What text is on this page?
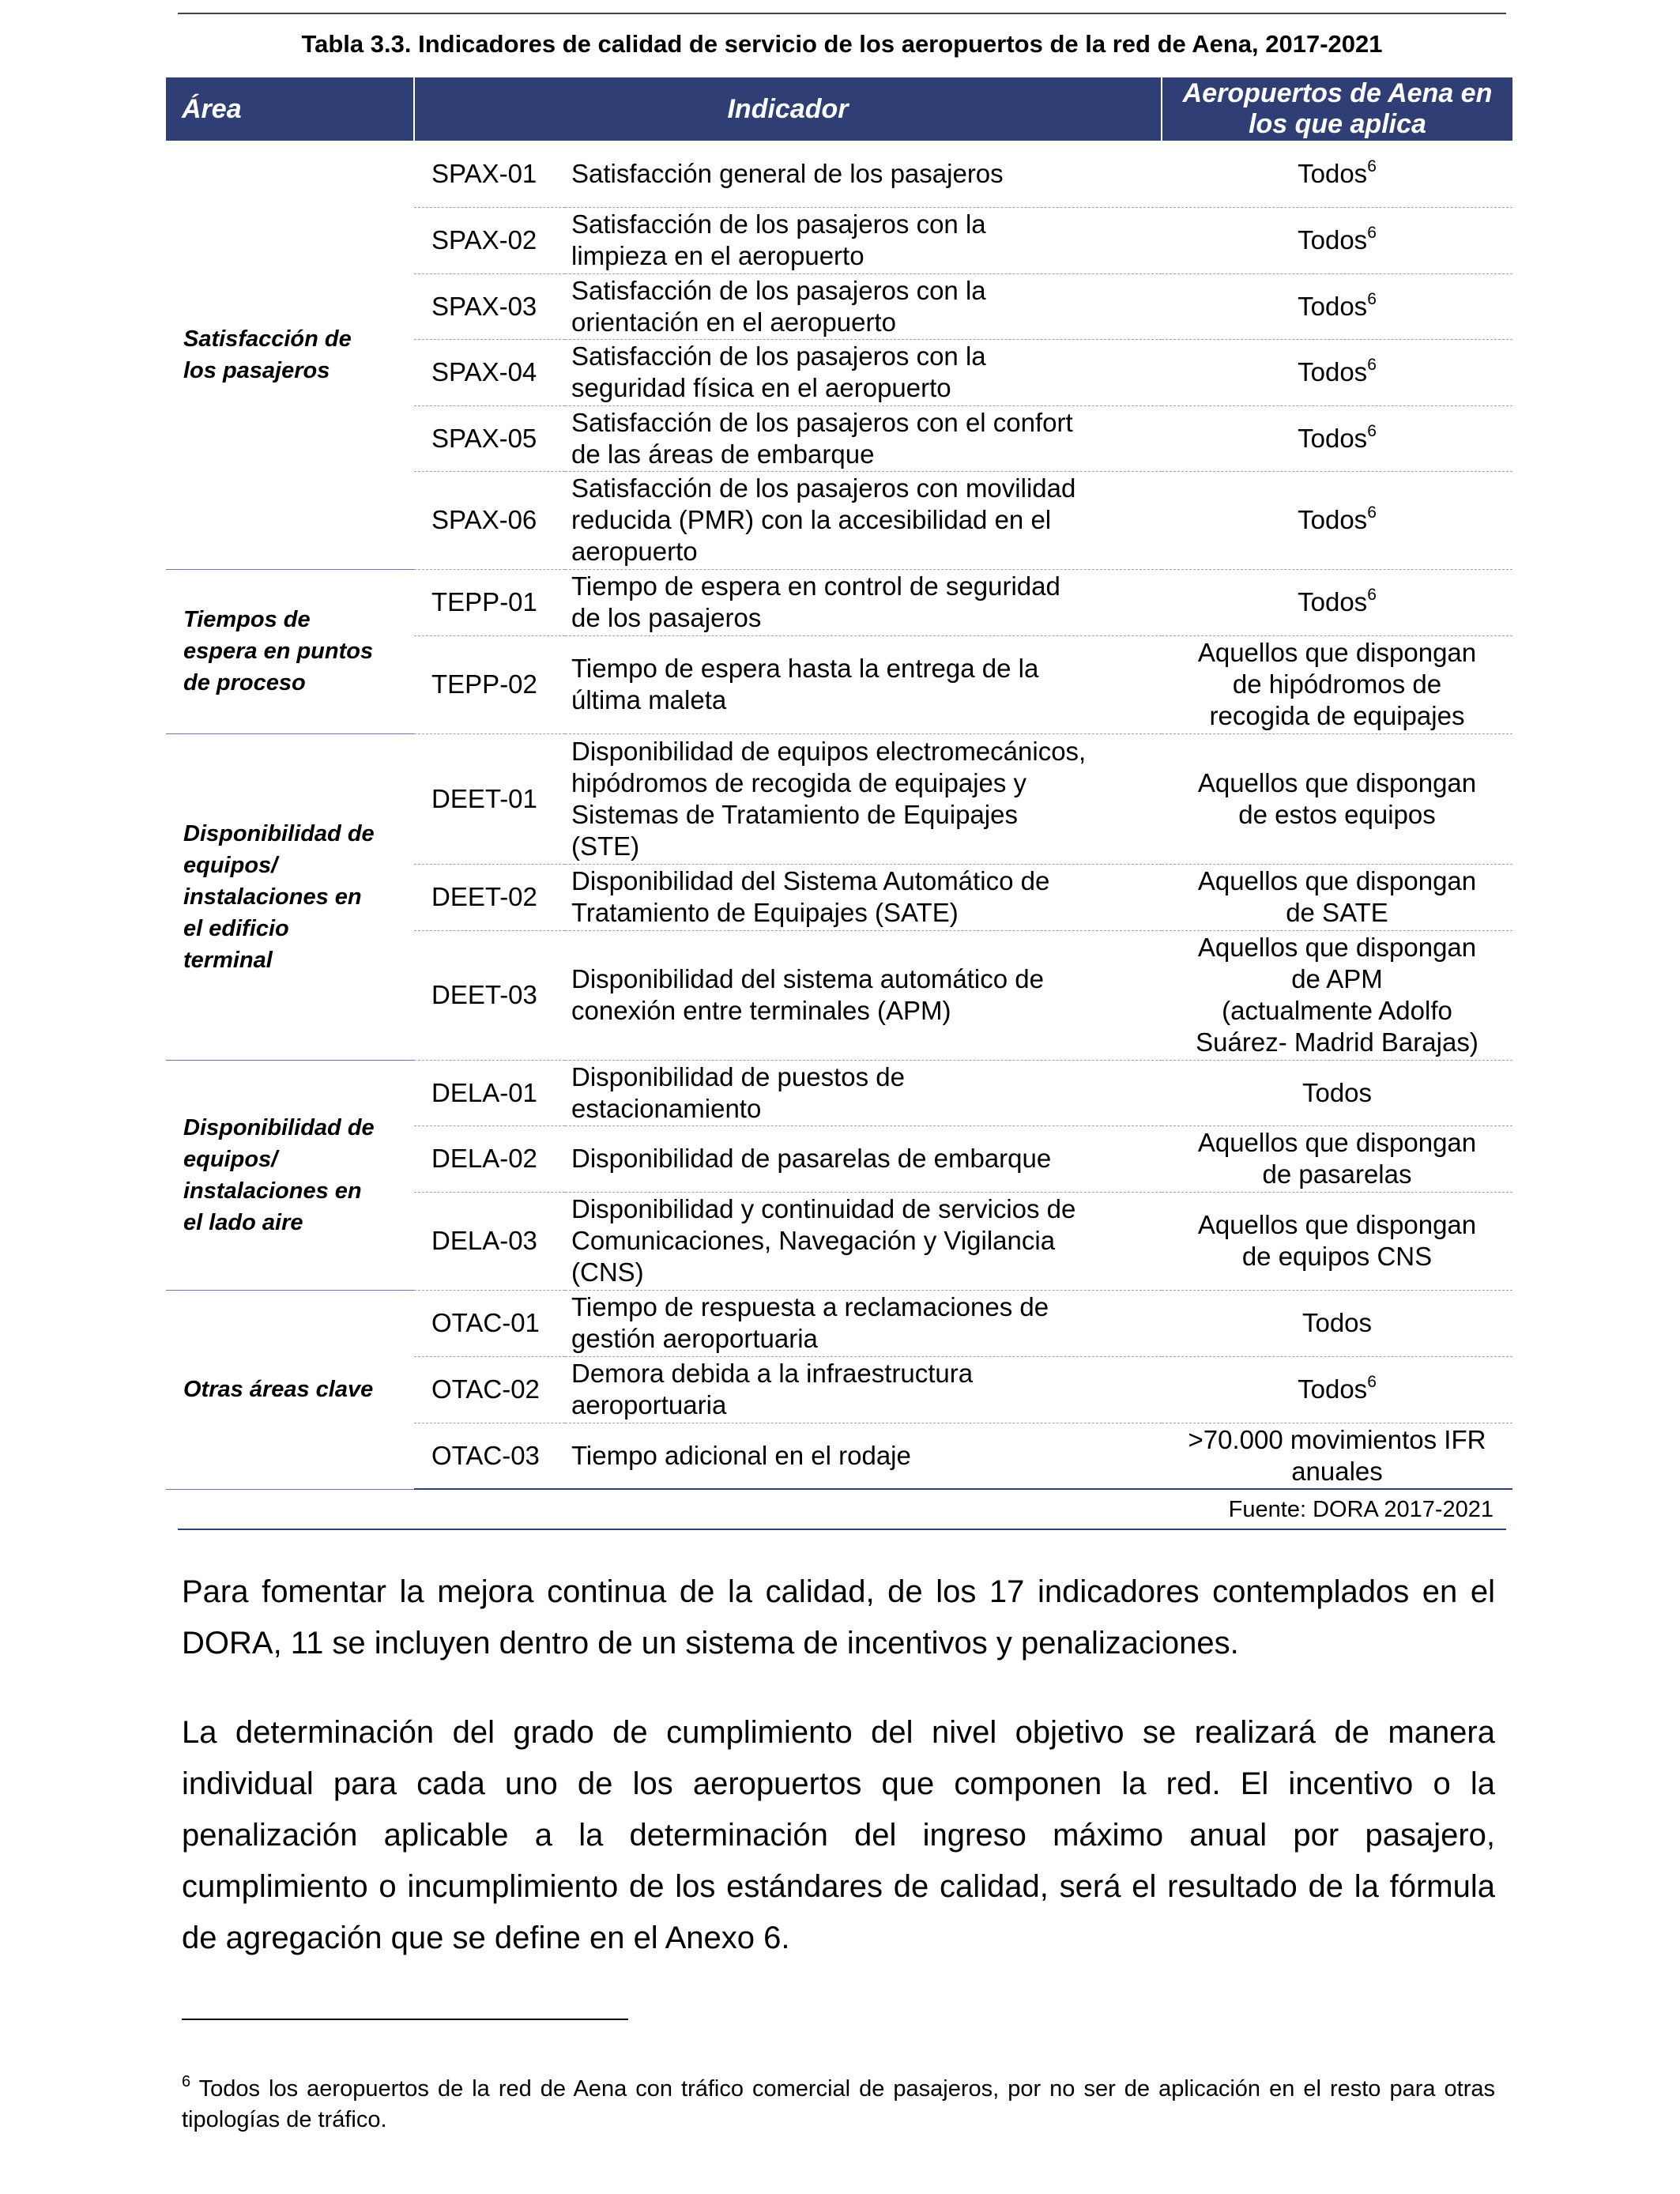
Tabla 3.3. Indicadores de calidad de servicio de los aeropuertos de la red de Aena, 2017-2021
Área	Indicador		Aeropuertos de Aena en
los que aplica
Satisfacción de
los pasajeros	SPAX-01	Satisfacción general de los pasajeros	Todos$^6$
	SPAX-02	Satisfacción de los pasajeros con la
limpieza en el aeropuerto	Todos$^6$
	SPAX-03	Satisfacción de los pasajeros con la
orientación en el aeropuerto	Todos$^6$
	SPAX-04	Satisfacción de los pasajeros con la
seguridad física en el aeropuerto	Todos$^6$
	SPAX-05	Satisfacción de los pasajeros con el confort
de las áreas de embarque	Todos$^6$
	SPAX-06	Satisfacción de los pasajeros con movilidad
reducida (PMR) con la accesibilidad en el
aeropuerto	Todos$^6$
Tiempos de
espera en puntos
de proceso	TEPP-01	Tiempo de espera en control de seguridad
de los pasajeros	Todos$^6$
	TEPP-02	Tiempo de espera hasta la entrega de la
última maleta	Aquellos que dispongan
de hipódromos de
recogida de equipajes
Disponibilidad de
equipos/
instalaciones en
el edificio
terminal	DEET-01	Disponibilidad de equipos electromecánicos,
hipódromos de recogida de equipajes y
Sistemas de Tratamiento de Equipajes
(STE)	Aquellos que dispongan
de estos equipos
	DEET-02	Disponibilidad del Sistema Automático de
Tratamiento de Equipajes (SATE)	Aquellos que dispongan
de SATE
	DEET-03	Disponibilidad del sistema automático de
conexión entre terminales (APM)	Aquellos que dispongan
de APM
(actualmente Adolfo
Suárez- Madrid Barajas)
Disponibilidad de
equipos/
instalaciones en
el lado aire	DELA-01	Disponibilidad de puestos de
estacionamiento	Todos
	DELA-02	Disponibilidad de pasarelas de embarque	Aquellos que dispongan
de pasarelas
	DELA-03	Disponibilidad y continuidad de servicios de
Comunicaciones, Navegación y Vigilancia
(CNS)	Aquellos que dispongan
de equipos CNS
Otras áreas clave	OTAC-01	Tiempo de respuesta a reclamaciones de
gestión aeroportuaria	Todos
	OTAC-02	Demora debida a la infraestructura
aeroportuaria	Todos$^6$
	OTAC-03	Tiempo adicional en el rodaje	>70.000 movimientos IFR
anuales
Fuente: DORA 2017-2021

Para fomentar la mejora continua de la calidad, de los 17 indicadores contemplados en el DORA, 11 se incluyen dentro de un sistema de incentivos y penalizaciones.

La determinación del grado de cumplimiento del nivel objetivo se realizará de manera individual para cada uno de los aeropuertos que componen la red. El incentivo o la penalización aplicable a la determinación del ingreso máximo anual por pasajero, cumplimiento o incumplimiento de los estándares de calidad, será el resultado de la fórmula de agregación que se define en el Anexo 6.

$^6$ Todos los aeropuertos de la red de Aena con tráfico comercial de pasajeros, por no ser de aplicación en el resto para otras tipologías de tráfico.
